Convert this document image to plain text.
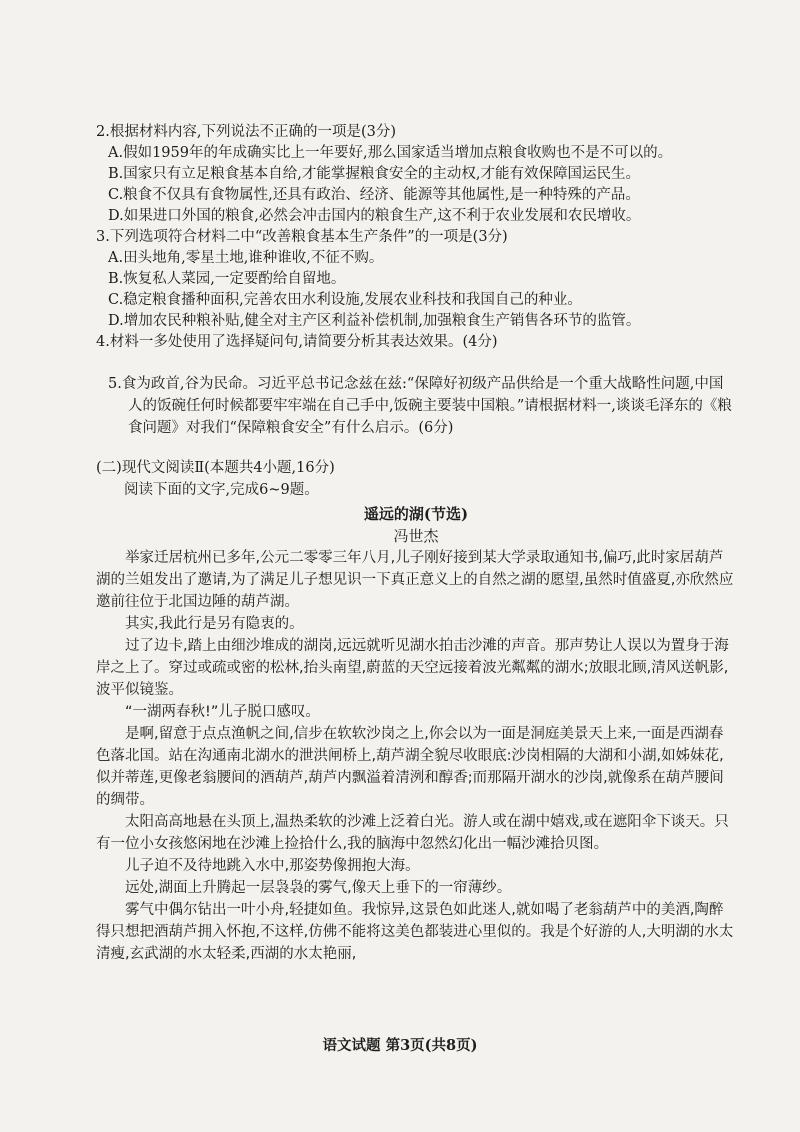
2.根据材料内容,下列说法不正确的一项是(3分)

A.假如1959年的年成确实比上一年要好,那么国家适当增加点粮食收购也不是不可以的。

B.国家只有立足粮食基本自给,才能掌握粮食安全的主动权,才能有效保障国运民生。

C.粮食不仅具有食物属性,还具有政治、经济、能源等其他属性,是一种特殊的产品。

D.如果进口外国的粮食,必然会冲击国内的粮食生产,这不利于农业发展和农民增收。

3.下列选项符合材料二中“改善粮食基本生产条件”的一项是(3分)

A.田头地角,零星土地,谁种谁收,不征不购。

B.恢复私人菜园,一定要酌给自留地。

C.稳定粮食播种面积,完善农田水利设施,发展农业科技和我国自己的种业。

D.增加农民种粮补贴,健全对主产区利益补偿机制,加强粮食生产销售各环节的监管。

4.材料一多处使用了选择疑问句,请简要分析其表达效果。(4分)

5.食为政首,谷为民命。习近平总书记念兹在兹:“保障好初级产品供给是一个重大战略性问题,中国人的饭碗任何时候都要牢牢端在自己手中,饭碗主要装中国粮。”请根据材料一,谈谈毛泽东的《粮食问题》对我们“保障粮食安全”有什么启示。(6分)

(二)现代文阅读Ⅱ(本题共4小题,16分)
阅读下面的文字,完成6~9题。
遥远的湖(节选)
冯世杰

举家迁居杭州已多年,公元二零零三年八月,儿子刚好接到某大学录取通知书,偏巧,此时家居葫芦湖的兰姐发出了邀请,为了满足儿子想见识一下真正意义上的自然之湖的愿望,虽然时值盛夏,亦欣然应邀前往位于北国边陲的葫芦湖。

其实,我此行是另有隐衷的。

过了边卡,踏上由细沙堆成的湖岗,远远就听见湖水拍击沙滩的声音。那声势让人误以为置身于海岸之上了。穿过或疏或密的松林,抬头南望,蔚蓝的天空远接着波光粼粼的湖水;放眼北顾,清风送帆影,波平似镜鉴。

“一湖两春秋!”儿子脱口感叹。

是啊,留意于点点渔帆之间,信步在软软沙岗之上,你会以为一面是洞庭美景天上来,一面是西湖春色落北国。站在沟通南北湖水的泄洪闸桥上,葫芦湖全貌尽收眼底:沙岗相隔的大湖和小湖,如姊妹花,似并蒂莲,更像老翁腰间的酒葫芦,葫芦内飘溢着清洌和醇香;而那隔开湖水的沙岗,就像系在葫芦腰间的绸带。

太阳高高地悬在头顶上,温热柔软的沙滩上泛着白光。游人或在湖中嬉戏,或在遮阳伞下谈天。只有一位小女孩悠闲地在沙滩上捡拾什么,我的脑海中忽然幻化出一幅沙滩拾贝图。

儿子迫不及待地跳入水中,那姿势像拥抱大海。

远处,湖面上升腾起一层袅袅的雾气,像天上垂下的一帘薄纱。

雾气中偶尔钻出一叶小舟,轻捷如鱼。我惊异,这景色如此迷人,就如喝了老翁葫芦中的美酒,陶醉得只想把酒葫芦拥入怀抱,不这样,仿佛不能将这美色都装进心里似的。我是个好游的人,大明湖的水太清瘦,玄武湖的水太轻柔,西湖的水太艳丽,

语文试题 第3页(共8页)
